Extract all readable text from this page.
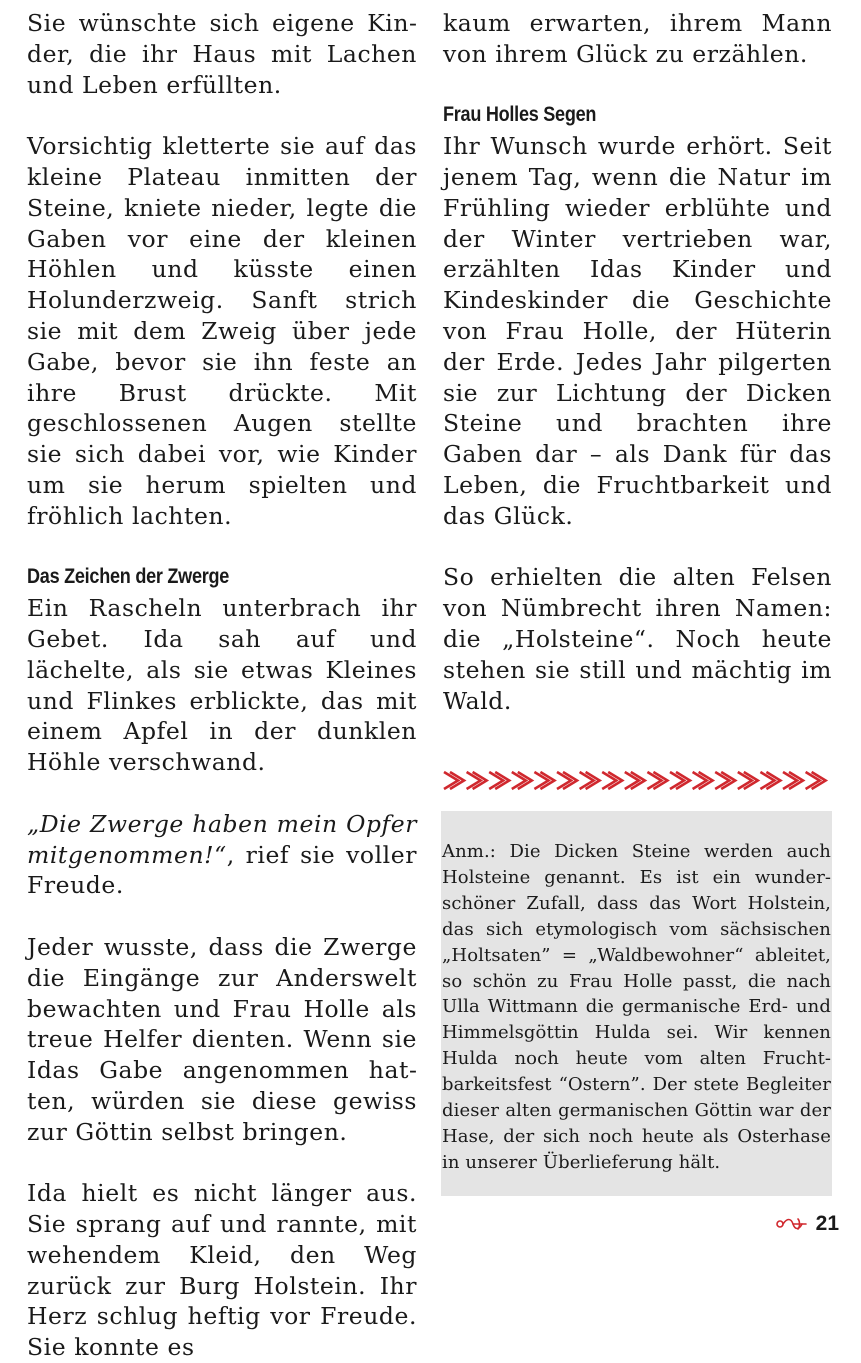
Sie wünschte sich eigene Kinder, die ihr Haus mit Lachen und Leben erfüllten.

Vorsichtig kletterte sie auf das kleine Plateau inmitten der Steine, kniete nieder, legte die Gaben vor eine der kleinen Höhlen und küsste einen Holunderzweig. Sanft strich sie mit dem Zweig über jede Gabe, bevor sie ihn feste an ihre Brust drückte. Mit geschlossenen Augen stellte sie sich dabei vor, wie Kinder um sie herum spielten und fröhlich lachten.

Das Zeichen der Zwerge

Ein Rascheln unterbrach ihr Gebet. Ida sah auf und lächelte, als sie etwas Kleines und Flinkes erblickte, das mit einem Apfel in der dunklen Höhle verschwand.

„Die Zwerge haben mein Opfer mitgenommen!“, rief sie voller Freude.

Jeder wusste, dass die Zwerge die Eingänge zur Anderswelt bewachten und Frau Holle als treue Helfer dienten. Wenn sie Idas Gabe angenommen hatten, würden sie diese gewiss zur Göttin selbst bringen.

Ida hielt es nicht länger aus. Sie sprang auf und rannte, mit wehendem Kleid, den Weg zurück zur Burg Holstein. Ihr Herz schlug heftig vor Freude. Sie konnte es

kaum erwarten, ihrem Mann von ihrem Glück zu erzählen.

Frau Holles Segen

Ihr Wunsch wurde erhört. Seit jenem Tag, wenn die Natur im Frühling wieder erblühte und der Winter vertrieben war, erzählten Idas Kinder und Kindeskinder die Geschichte von Frau Holle, der Hüterin der Erde. Jedes Jahr pilgerten sie zur Lichtung der Dicken Steine und brachten ihre Gaben dar – als Dank für das Leben, die Fruchtbarkeit und das Glück.

So erhielten die alten Felsen von Nümbrecht ihren Namen: die „Holsteine“. Noch heute stehen sie still und mächtig im Wald.

Anm.: Die Dicken Steine werden auch Holsteine genannt. Es ist ein wunderschöner Zufall, dass das Wort Holstein, das sich etymologisch vom sächsischen „Holtsaten” = „Waldbewohner“ ableitet, so schön zu Frau Holle passt, die nach Ulla Wittmann die germanische Erd- und Himmelsgöttin Hulda sei. Wir kennen Hulda noch heute vom alten Fruchtbarkeitsfest “Ostern”. Der stete Begleiter dieser alten germanischen Göttin war der Hase, der sich noch heute als Osterhase in unserer Überlieferung hält.
21
